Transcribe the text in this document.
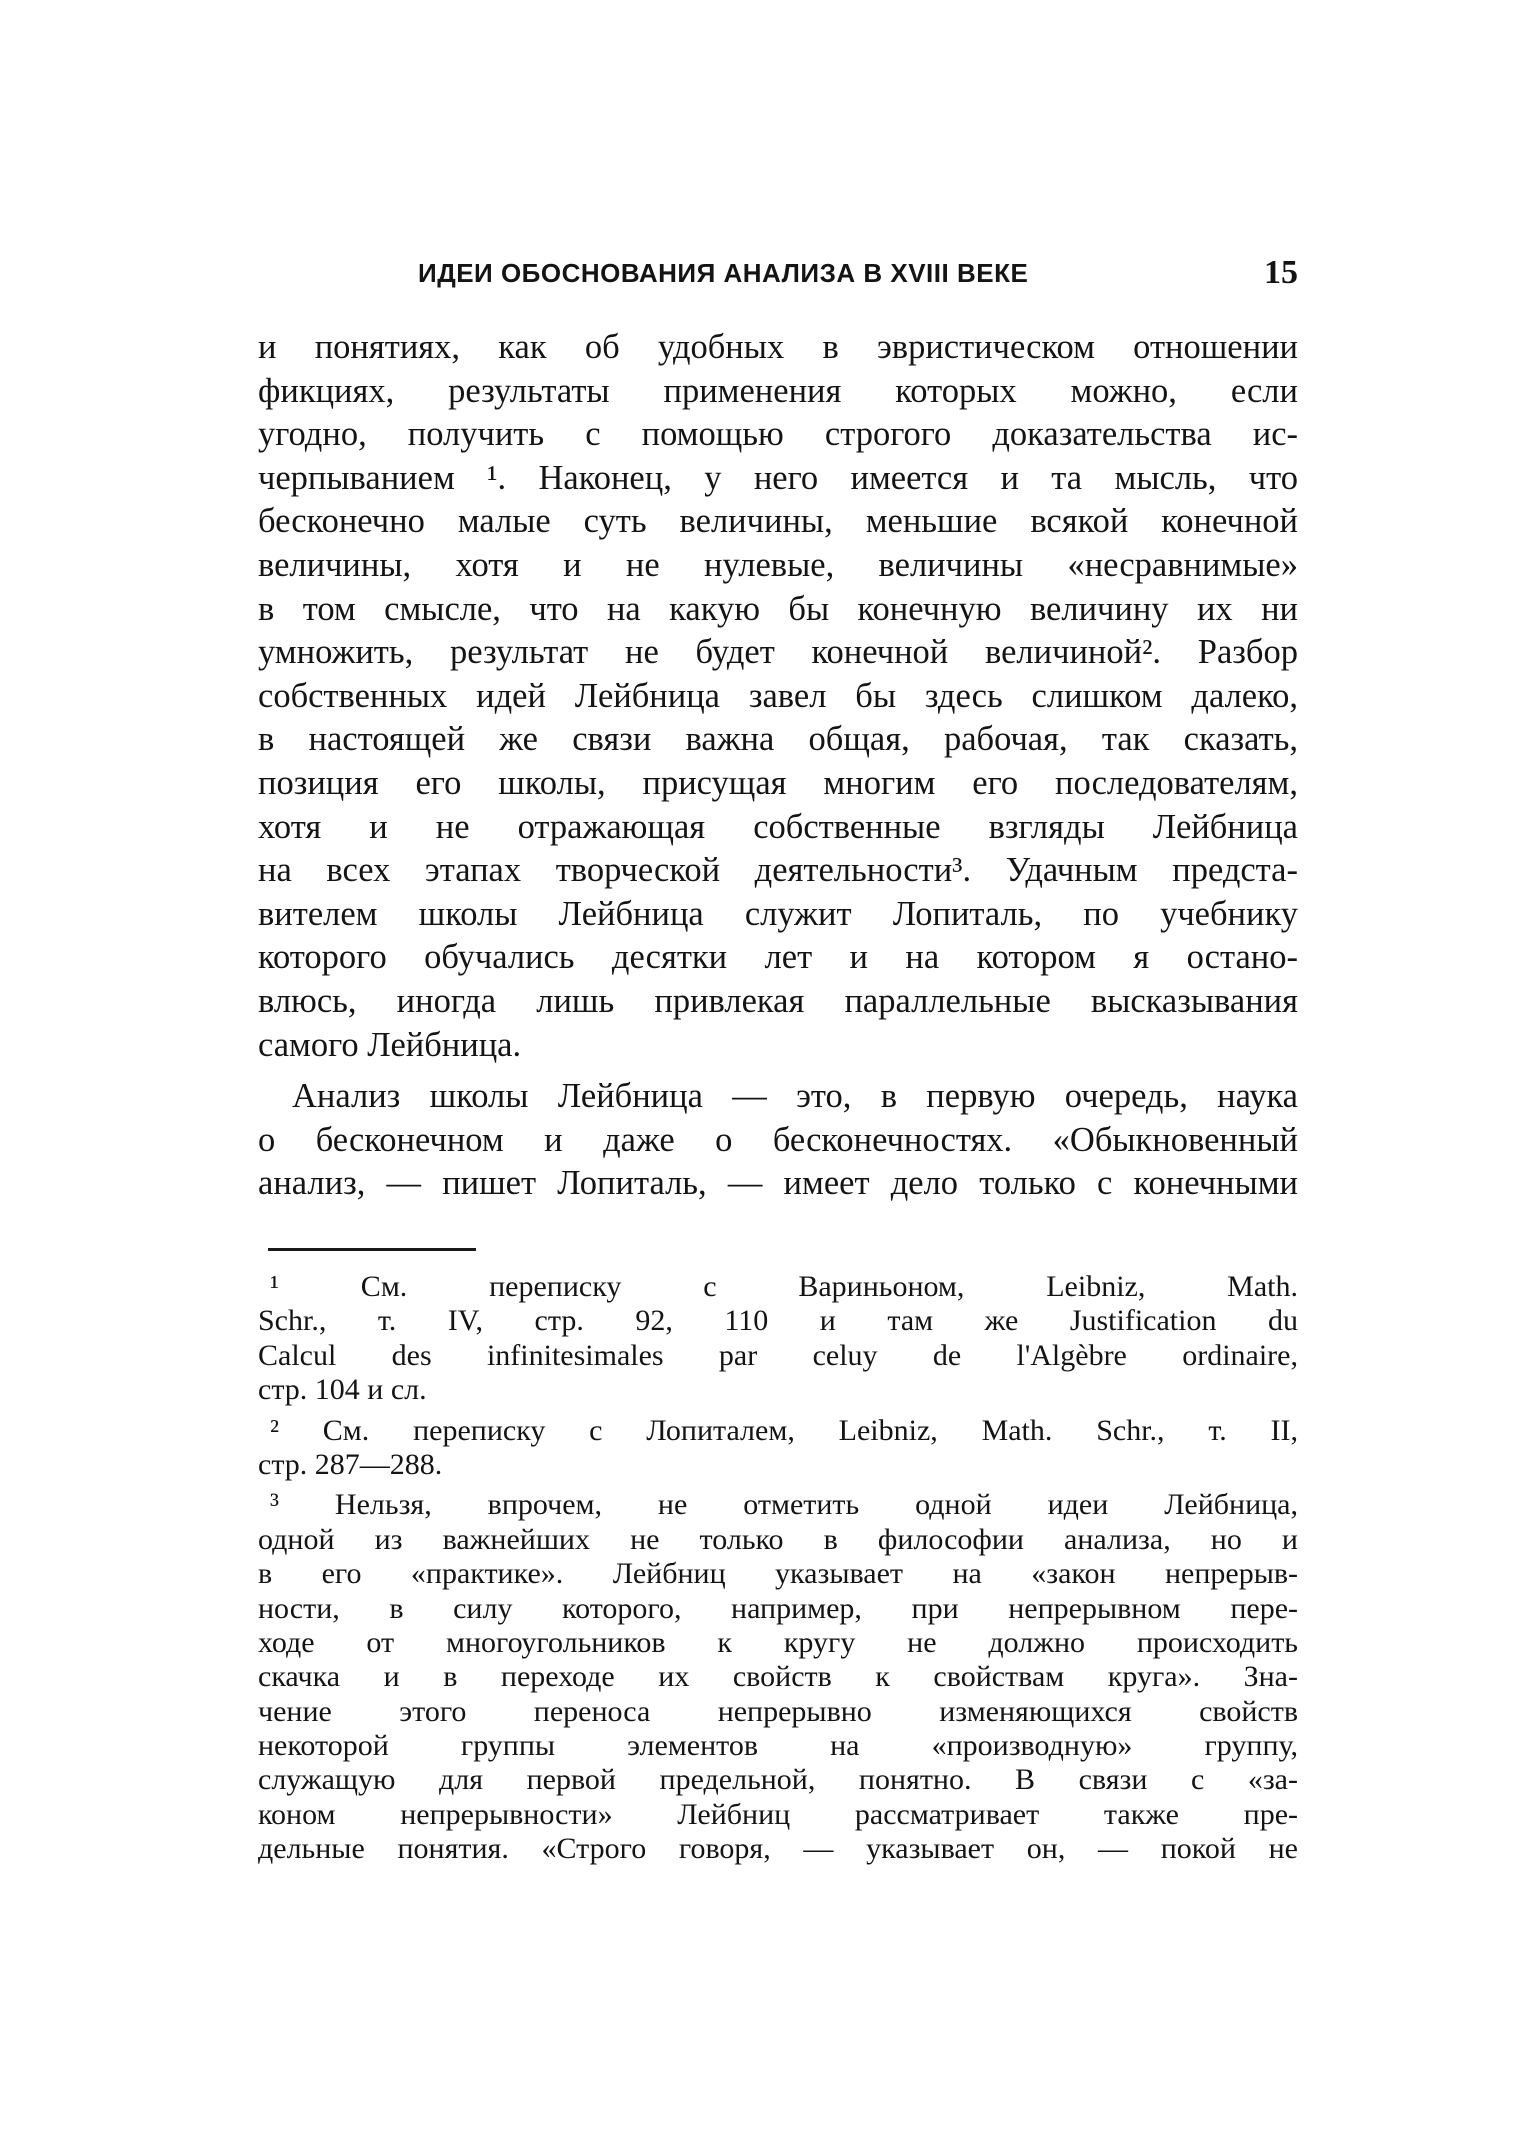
ИДЕИ ОБОСНОВАНИЯ АНАЛИЗА В XVIII ВЕКЕ	15
и понятиях, как об удобных в эвристическом отношении
фикциях, результаты применения которых можно, если
угодно, получить с помощью строгого доказательства ис-
черпыванием ¹. Наконец, у него имеется и та мысль, что
бесконечно малые суть величины, меньшие всякой конечной
величины, хотя и не нулевые, величины «несравнимые»
в том смысле, что на какую бы конечную величину их ни
умножить, результат не будет конечной величиной². Разбор
собственных идей Лейбница завел бы здесь слишком далеко,
в настоящей же связи важна общая, рабочая, так сказать,
позиция его школы, присущая многим его последователям,
хотя и не отражающая собственные взгляды Лейбница
на всех этапах творческой деятельности³. Удачным предста-
вителем школы Лейбница служит Лопиталь, по учебнику
которого обучались десятки лет и на котором я остано-
влюсь, иногда лишь привлекая параллельные высказывания
самого Лейбница.
Анализ школы Лейбница — это, в первую очередь, наука
о бесконечном и даже о бесконечностях. «Обыкновенный
анализ, — пишет Лопиталь, — имеет дело только с конечными
¹ См. переписку с Вариньоном, Leibniz, Math.
Schr., т. IV, стр. 92, 110 и там же Justification du
Calcul des infinitesimales par celuy de l'Algèbre ordinaire,
стр. 104 и сл.
² См. переписку с Лопиталем, Leibniz, Math. Schr., т. II,
стр. 287—288.
³ Нельзя, впрочем, не отметить одной идеи Лейбница,
одной из важнейших не только в философии анализа, но и
в его «практике». Лейбниц указывает на «закон непрерыв-
ности, в силу которого, например, при непрерывном пере-
ходе от многоугольников к кругу не должно происходить
скачка и в переходе их свойств к свойствам круга». Зна-
чение этого переноса непрерывно изменяющихся свойств
некоторой группы элементов на «производную» группу,
служащую для первой предельной, понятно. В связи с «за-
коном непрерывности» Лейбниц рассматривает также пре-
дельные понятия. «Строго говоря, — указывает он, — покой не
